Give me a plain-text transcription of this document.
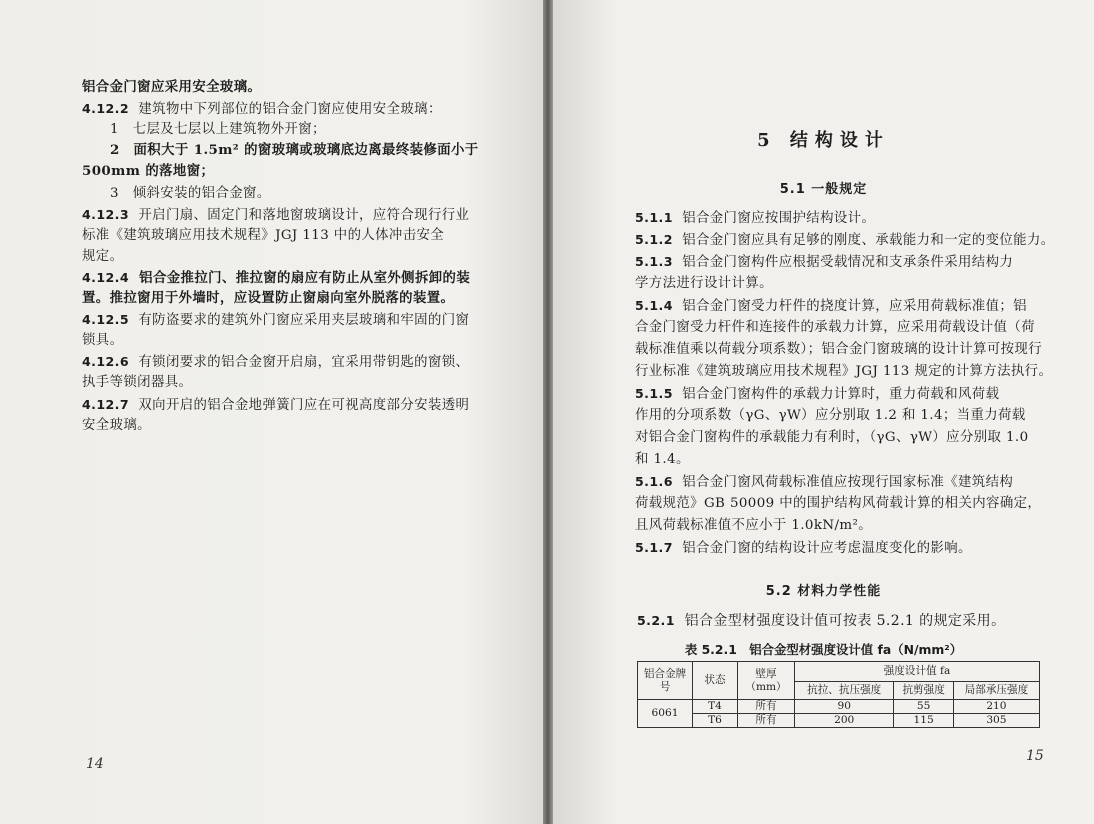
铝合金门窗应采用安全玻璃。
4.12.2 建筑物中下列部位的铝合金门窗应使用安全玻璃：
1　七层及七层以上建筑物外开窗；
2　面积大于 1.5m² 的窗玻璃或玻璃底边离最终装修面小于
500mm 的落地窗；
3　倾斜安装的铝合金窗。
4.12.3 开启门扇、固定门和落地窗玻璃设计，应符合现行行业
标准《建筑玻璃应用技术规程》JGJ 113 中的人体冲击安全
规定。
4.12.4 铝合金推拉门、推拉窗的扇应有防止从室外侧拆卸的装
置。推拉窗用于外墙时，应设置防止窗扇向室外脱落的装置。
4.12.5 有防盗要求的建筑外门窗应采用夹层玻璃和牢固的门窗
锁具。
4.12.6 有锁闭要求的铝合金窗开启扇，宜采用带钥匙的窗锁、
执手等锁闭器具。
4.12.7 双向开启的铝合金地弹簧门应在可视高度部分安装透明
安全玻璃。
14
5 结构设计
5.1 一般规定
5.1.1 铝合金门窗应按围护结构设计。
5.1.2 铝合金门窗应具有足够的刚度、承载能力和一定的变位能力。
5.1.3 铝合金门窗构件应根据受载情况和支承条件采用结构力
学方法进行设计计算。
5.1.4 铝合金门窗受力杆件的挠度计算，应采用荷载标准值；铝
合金门窗受力杆件和连接件的承载力计算，应采用荷载设计值（荷
载标准值乘以荷载分项系数）；铝合金门窗玻璃的设计计算可按现行
行业标准《建筑玻璃应用技术规程》JGJ 113 规定的计算方法执行。
5.1.5 铝合金门窗构件的承载力计算时，重力荷载和风荷载
作用的分项系数（γG、γW）应分别取 1.2 和 1.4；当重力荷载
对铝合金门窗构件的承载能力有利时，（γG、γW）应分别取 1.0
和 1.4。
5.1.6 铝合金门窗风荷载标准值应按现行国家标准《建筑结构
荷载规范》GB 50009 中的围护结构风荷载计算的相关内容确定，
且风荷载标准值不应小于 1.0kN/m²。
5.1.7 铝合金门窗的结构设计应考虑温度变化的影响。
5.2 材料力学性能
5.2.1 铝合金型材强度设计值可按表 5.2.1 的规定采用。
表 5.2.1　铝合金型材强度设计值 fa（N/mm²）
铝合金牌号	状态	壁厚（mm）	强度设计值 fa		
			抗拉、抗压强度	抗剪强度	局部承压强度
6061	T4	所有	90	55	210
	T6	所有	200	115	305
15
